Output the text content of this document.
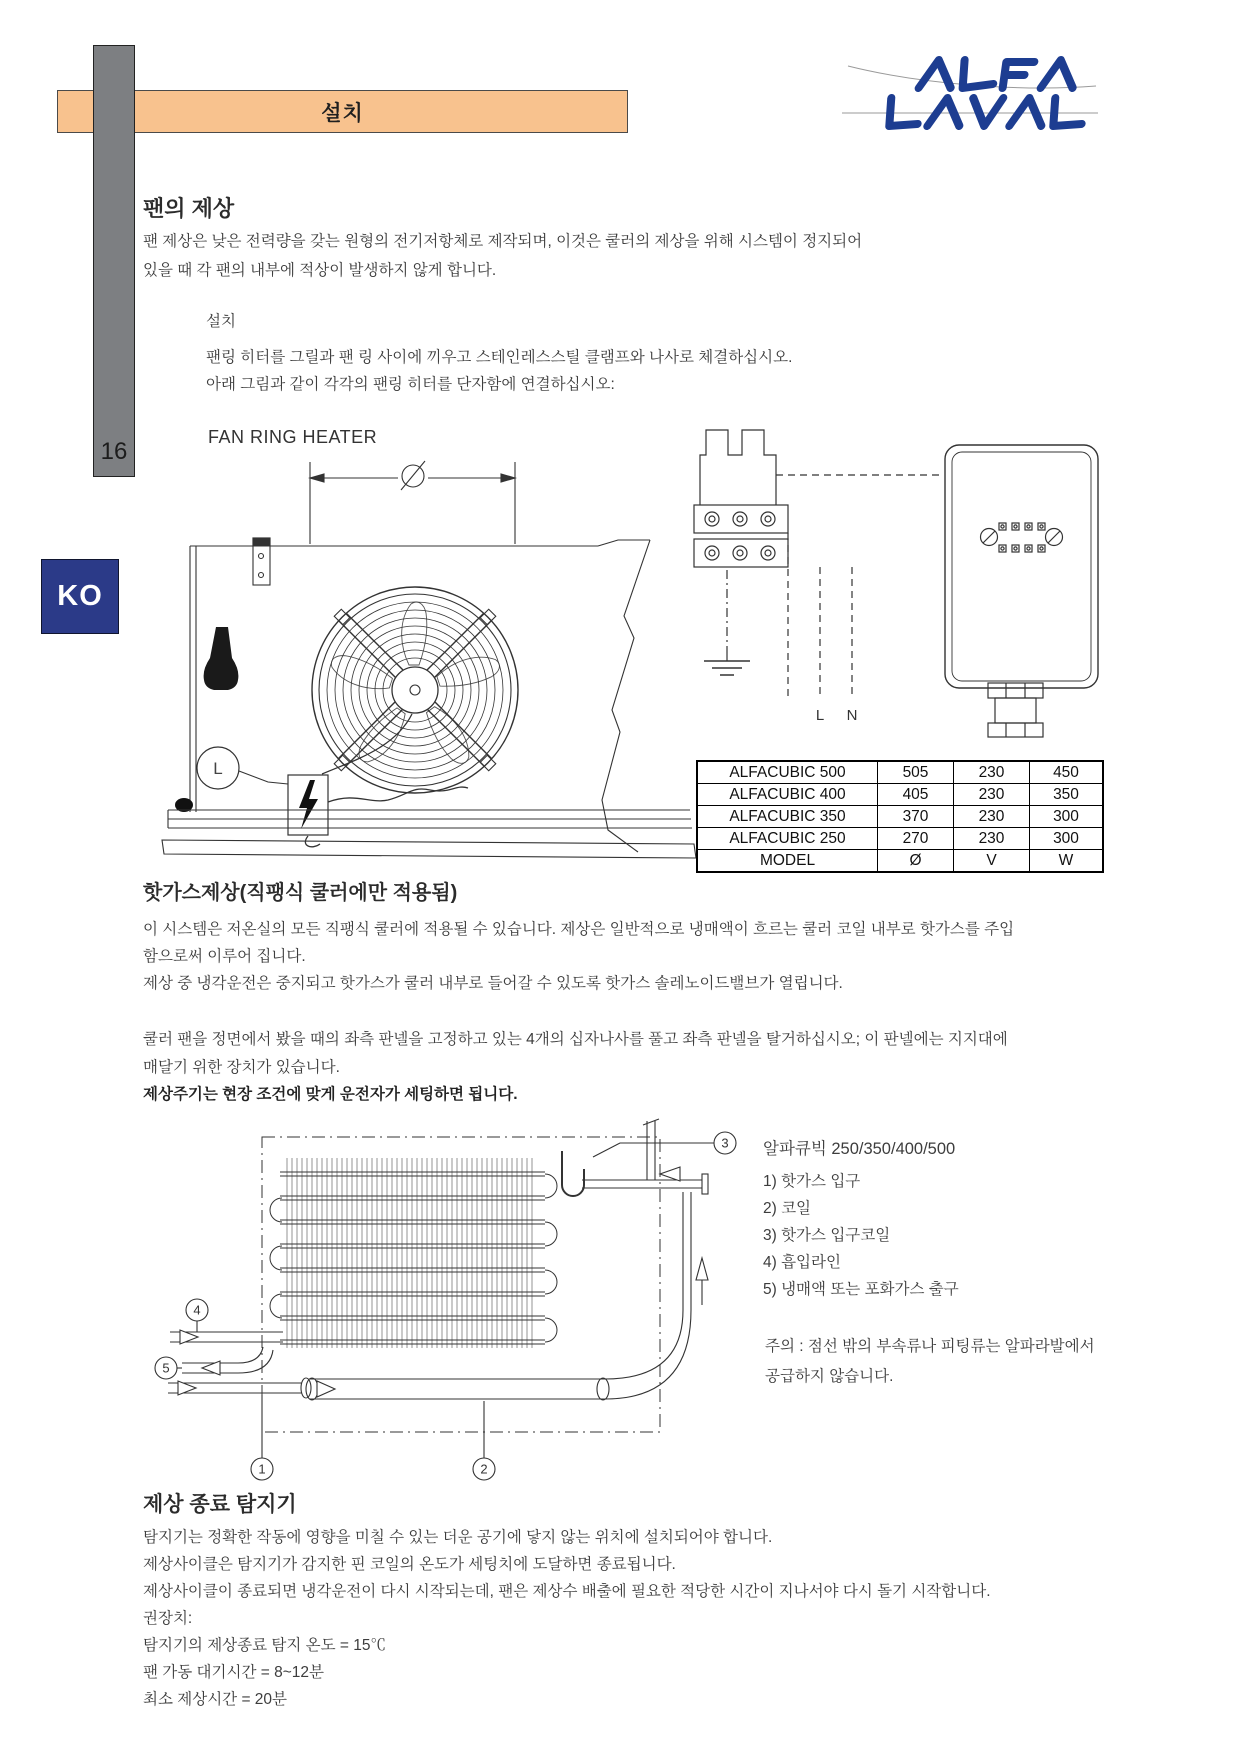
설치
16
KO
팬의 제상
팬 제상은 낮은 전력량을 갖는 원형의 전기저항체로 제작되며, 이것은 쿨러의 제상을 위해 시스템이 정지되어
있을 때 각 팬의 내부에 적상이 발생하지 않게 합니다.
설치
팬링 히터를 그릴과 팬 링 사이에 끼우고 스테인레스스틸 클램프와 나사로 체결하십시오.
아래 그림과 같이 각각의 팬링 히터를 단자함에 연결하십시오:
FAN RING HEATER
L
L N
ALFACUBIC 500	505	230	450
ALFACUBIC 400	405	230	350
ALFACUBIC 350	370	230	300
ALFACUBIC 250	270	230	300
MODEL	Ø	V	W
핫가스제상(직팽식 쿨러에만 적용됨)
이 시스템은 저온실의 모든 직팽식 쿨러에 적용될 수 있습니다. 제상은 일반적으로 냉매액이 흐르는 쿨러 코일 내부로 핫가스를 주입
함으로써 이루어 집니다.
제상 중 냉각운전은 중지되고 핫가스가 쿨러 내부로 들어갈 수 있도록 핫가스 솔레노이드밸브가 열립니다.
쿨러 팬을 정면에서 봤을 때의 좌측 판넬을 고정하고 있는 4개의 십자나사를 풀고 좌측 판넬을 탈거하십시오; 이 판넬에는 지지대에
매달기 위한 장치가 있습니다.
제상주기는 현장 조건에 맞게 운전자가 세팅하면 됩니다.
1	2
3
4
5
알파큐빅 250/350/400/500
1) 핫가스 입구
2) 코일
3) 핫가스 입구코일
4) 흡입라인
5) 냉매액 또는 포화가스 출구
주의 : 점선 밖의 부속류나 피팅류는 알파라발에서
공급하지 않습니다.
제상 종료 탐지기
탐지기는 정확한 작동에 영향을 미칠 수 있는 더운 공기에 닿지 않는 위치에 설치되어야 합니다.
제상사이클은 탐지기가 감지한 핀 코일의 온도가 세팅치에 도달하면 종료됩니다.
제상사이클이 종료되면 냉각운전이 다시 시작되는데, 팬은 제상수 배출에 필요한 적당한 시간이 지나서야 다시 돌기 시작합니다.
권장치:
탐지기의 제상종료 탐지 온도 = 15℃
팬 가동 대기시간 = 8~12분
최소 제상시간 = 20분
